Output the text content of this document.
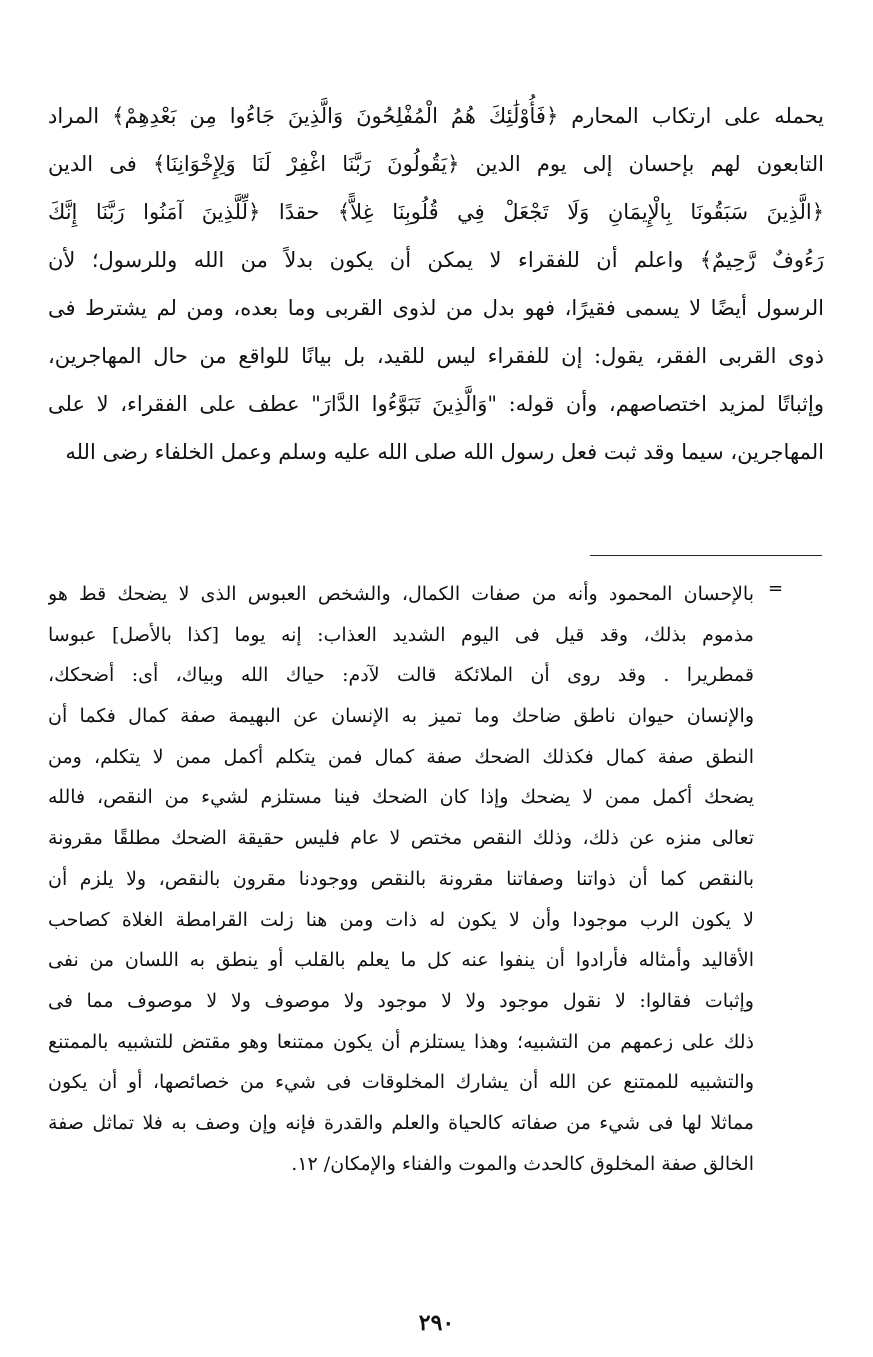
يحمله على ارتكاب المحارم ﴿فَأُوْلَٰئِكَ هُمُ الْمُفْلِحُونَ وَالَّذِينَ جَاءُوا مِن بَعْدِهِمْ﴾ المراد
التابعون لهم بإحسان إلى يوم الدين ﴿يَقُولُونَ رَبَّنَا اغْفِرْ لَنَا وَلِإِخْوَانِنَا﴾ فى الدين
﴿الَّذِينَ سَبَقُونَا بِالْإِيمَانِ وَلَا تَجْعَلْ فِي قُلُوبِنَا غِلاًّ﴾ حقدًا ﴿لِّلَّذِينَ آمَنُوا رَبَّنَا إِنَّكَ
رَءُوفٌ رَّحِيمٌ﴾ واعلم أن للفقراء لا يمكن أن يكون بدلاً من الله وللرسول؛ لأن
الرسول أيضًا لا يسمى فقيرًا، فهو بدل من لذوى القربى وما بعده، ومن لم يشترط فى
ذوى القربى الفقر، يقول: إن للفقراء ليس للقيد، بل بيانًا للواقع من حال المهاجرين،
وإثباتًا لمزيد اختصاصهم، وأن قوله: "وَالَّذِينَ تَبَوَّءُوا الدَّارَ" عطف على الفقراء، لا على
المهاجرين، سيما وقد ثبت فعل رسول الله صلى الله عليه وسلم وعمل الخلفاء رضى الله
=
بالإحسان المحمود وأنه من صفات الكمال، والشخص العبوس الذى لا يضحك قط هو
مذموم بذلك، وقد قيل فى اليوم الشديد العذاب: إنه يوما [كذا بالأصل] عبوسا
قمطريرا . وقد روى أن الملائكة قالت لآدم: حياك الله وبياك، أى: أضحكك،
والإنسان حيوان ناطق ضاحك وما تميز به الإنسان عن البهيمة صفة كمال فكما أن
النطق صفة كمال فكذلك الضحك صفة كمال فمن يتكلم أكمل ممن لا يتكلم، ومن
يضحك أكمل ممن لا يضحك وإذا كان الضحك فينا مستلزم لشيء من النقص، فالله
تعالى منزه عن ذلك، وذلك النقص مختص لا عام فليس حقيقة الضحك مطلقًا مقرونة
بالنقص كما أن ذواتنا وصفاتنا مقرونة بالنقص ووجودنا مقرون بالنقص، ولا يلزم أن
لا يكون الرب موجودا وأن لا يكون له ذات ومن هنا زلت القرامطة الغلاة كصاحب
الأقاليد وأمثاله فأرادوا أن ينفوا عنه كل ما يعلم بالقلب أو ينطق به اللسان من نفى
وإثبات فقالوا: لا نقول موجود ولا لا موجود ولا موصوف ولا لا موصوف مما فى
ذلك على زعمهم من التشبيه؛ وهذا يستلزم أن يكون ممتنعا وهو مقتض للتشبيه بالممتنع
والتشبيه للممتنع عن الله أن يشارك المخلوقات فى شيء من خصائصها، أو أن يكون
مماثلا لها فى شيء من صفاته كالحياة والعلم والقدرة فإنه وإن وصف به فلا تماثل صفة
الخالق صفة المخلوق كالحدث والموت والفناء والإمكان/ ١٢.
٢٩٠
